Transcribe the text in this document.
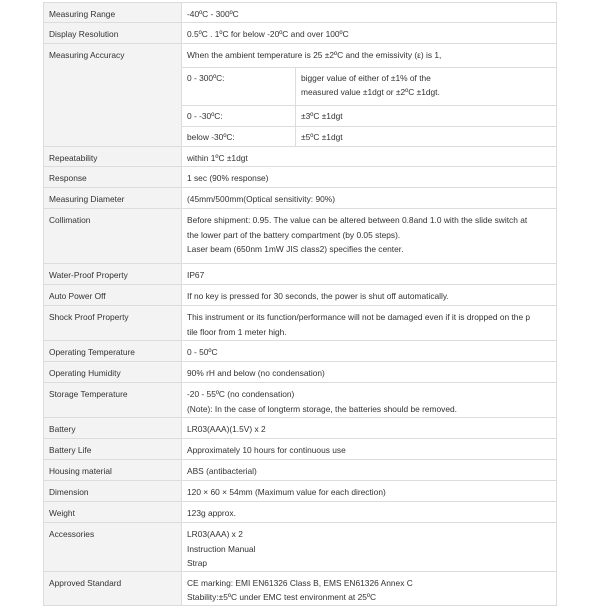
Measuring Range	-40ºC - 300ºC

Display Resolution	0.5ºC . 1ºC for below -20ºC and over 100ºC

Measuring Accuracy	When the ambient temperature is 25 ±2ºC and the emissivity (ε) is 1,
0 - 300ºC:	bigger value of either of ±1% of the
measured value ±1dgt or ±2ºC ±1dgt.

0 - -30ºC:	±3ºC ±1dgt

below -30ºC:	±5ºC ±1dgt

Repeatability	within 1ºC ±1dgt

Response	1 sec (90% response)

Measuring Diameter	(45mm/500mm(Optical sensitivity: 90%)

Collimation	Before shipment: 0.95. The value can be altered between 0.8and 1.0 with the slide switch at
the lower part of the battery compartment (by 0.05 steps).
Laser beam (650nm 1mW JIS class2) specifies the center.

Water-Proof Property	IP67

Auto Power Off	If no key is pressed for 30 seconds, the power is shut off automatically.

Shock Proof Property	This instrument or its function/performance will not be damaged even if it is dropped on the p
tile floor from 1 meter high.

Operating Temperature	0 - 50ºC

Operating Humidity	90% rH and below (no condensation)

Storage Temperature	-20 - 55ºC (no condensation)
(Note): In the case of longterm storage, the batteries should be removed.

Battery	LR03(AAA)(1.5V) x 2

Battery Life	Approximately 10 hours for continuous use

Housing material	ABS (antibacterial)

Dimension	120 × 60 × 54mm (Maximum value for each direction)

Weight	123g approx.

Accessories	LR03(AAA) x 2
Instruction Manual
Strap

Approved Standard	CE marking: EMI EN61326 Class B, EMS EN61326 Annex C
Stability:±5ºC under EMC test environment at 25ºC
